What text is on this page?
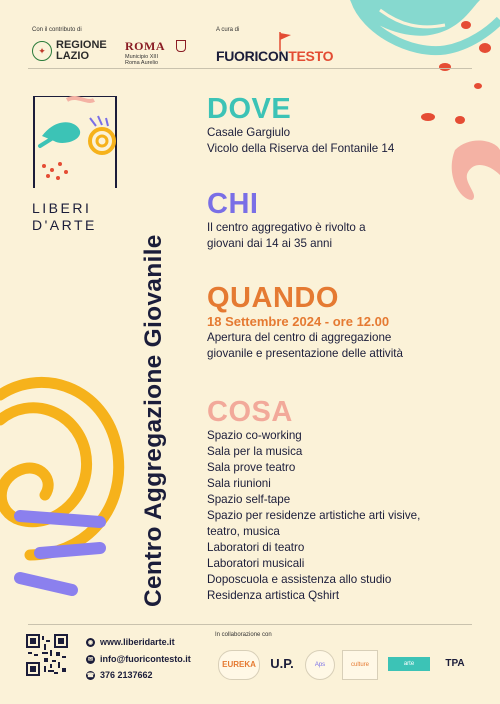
Con il contributo di
✦ REGIONE
LAZIO
ROMA
Municipio XIII
Roma Aurelio
A cura di
FUORICONTESTO
LIBERI
D'ARTE
Centro Aggregazione Giovanile
DOVE
Casale Gargiulo
Vicolo della Riserva del Fontanile 14
CHI
Il centro aggregativo è rivolto a
giovani dai 14 ai 35 anni
QUANDO
18 Settembre 2024 - ore 12.00
Apertura del centro di aggregazione
giovanile e presentazione delle attività
COSA
Spazio co-working
Sala per la musica
Sala prove teatro
Sala riunioni
Spazio self-tape
Spazio per residenze artistiche arti visive,
teatro, musica
Laboratori di teatro
Laboratori musicali
Doposcuola e assistenza allo studio
Residenza artistica Qshirt
◉ www.liberidarte.it
✉ info@fuoricontesto.it
☎ 376 2137662
In collaborazione con
EUREKA	U.P.	Aps	culture	arte	TPA
